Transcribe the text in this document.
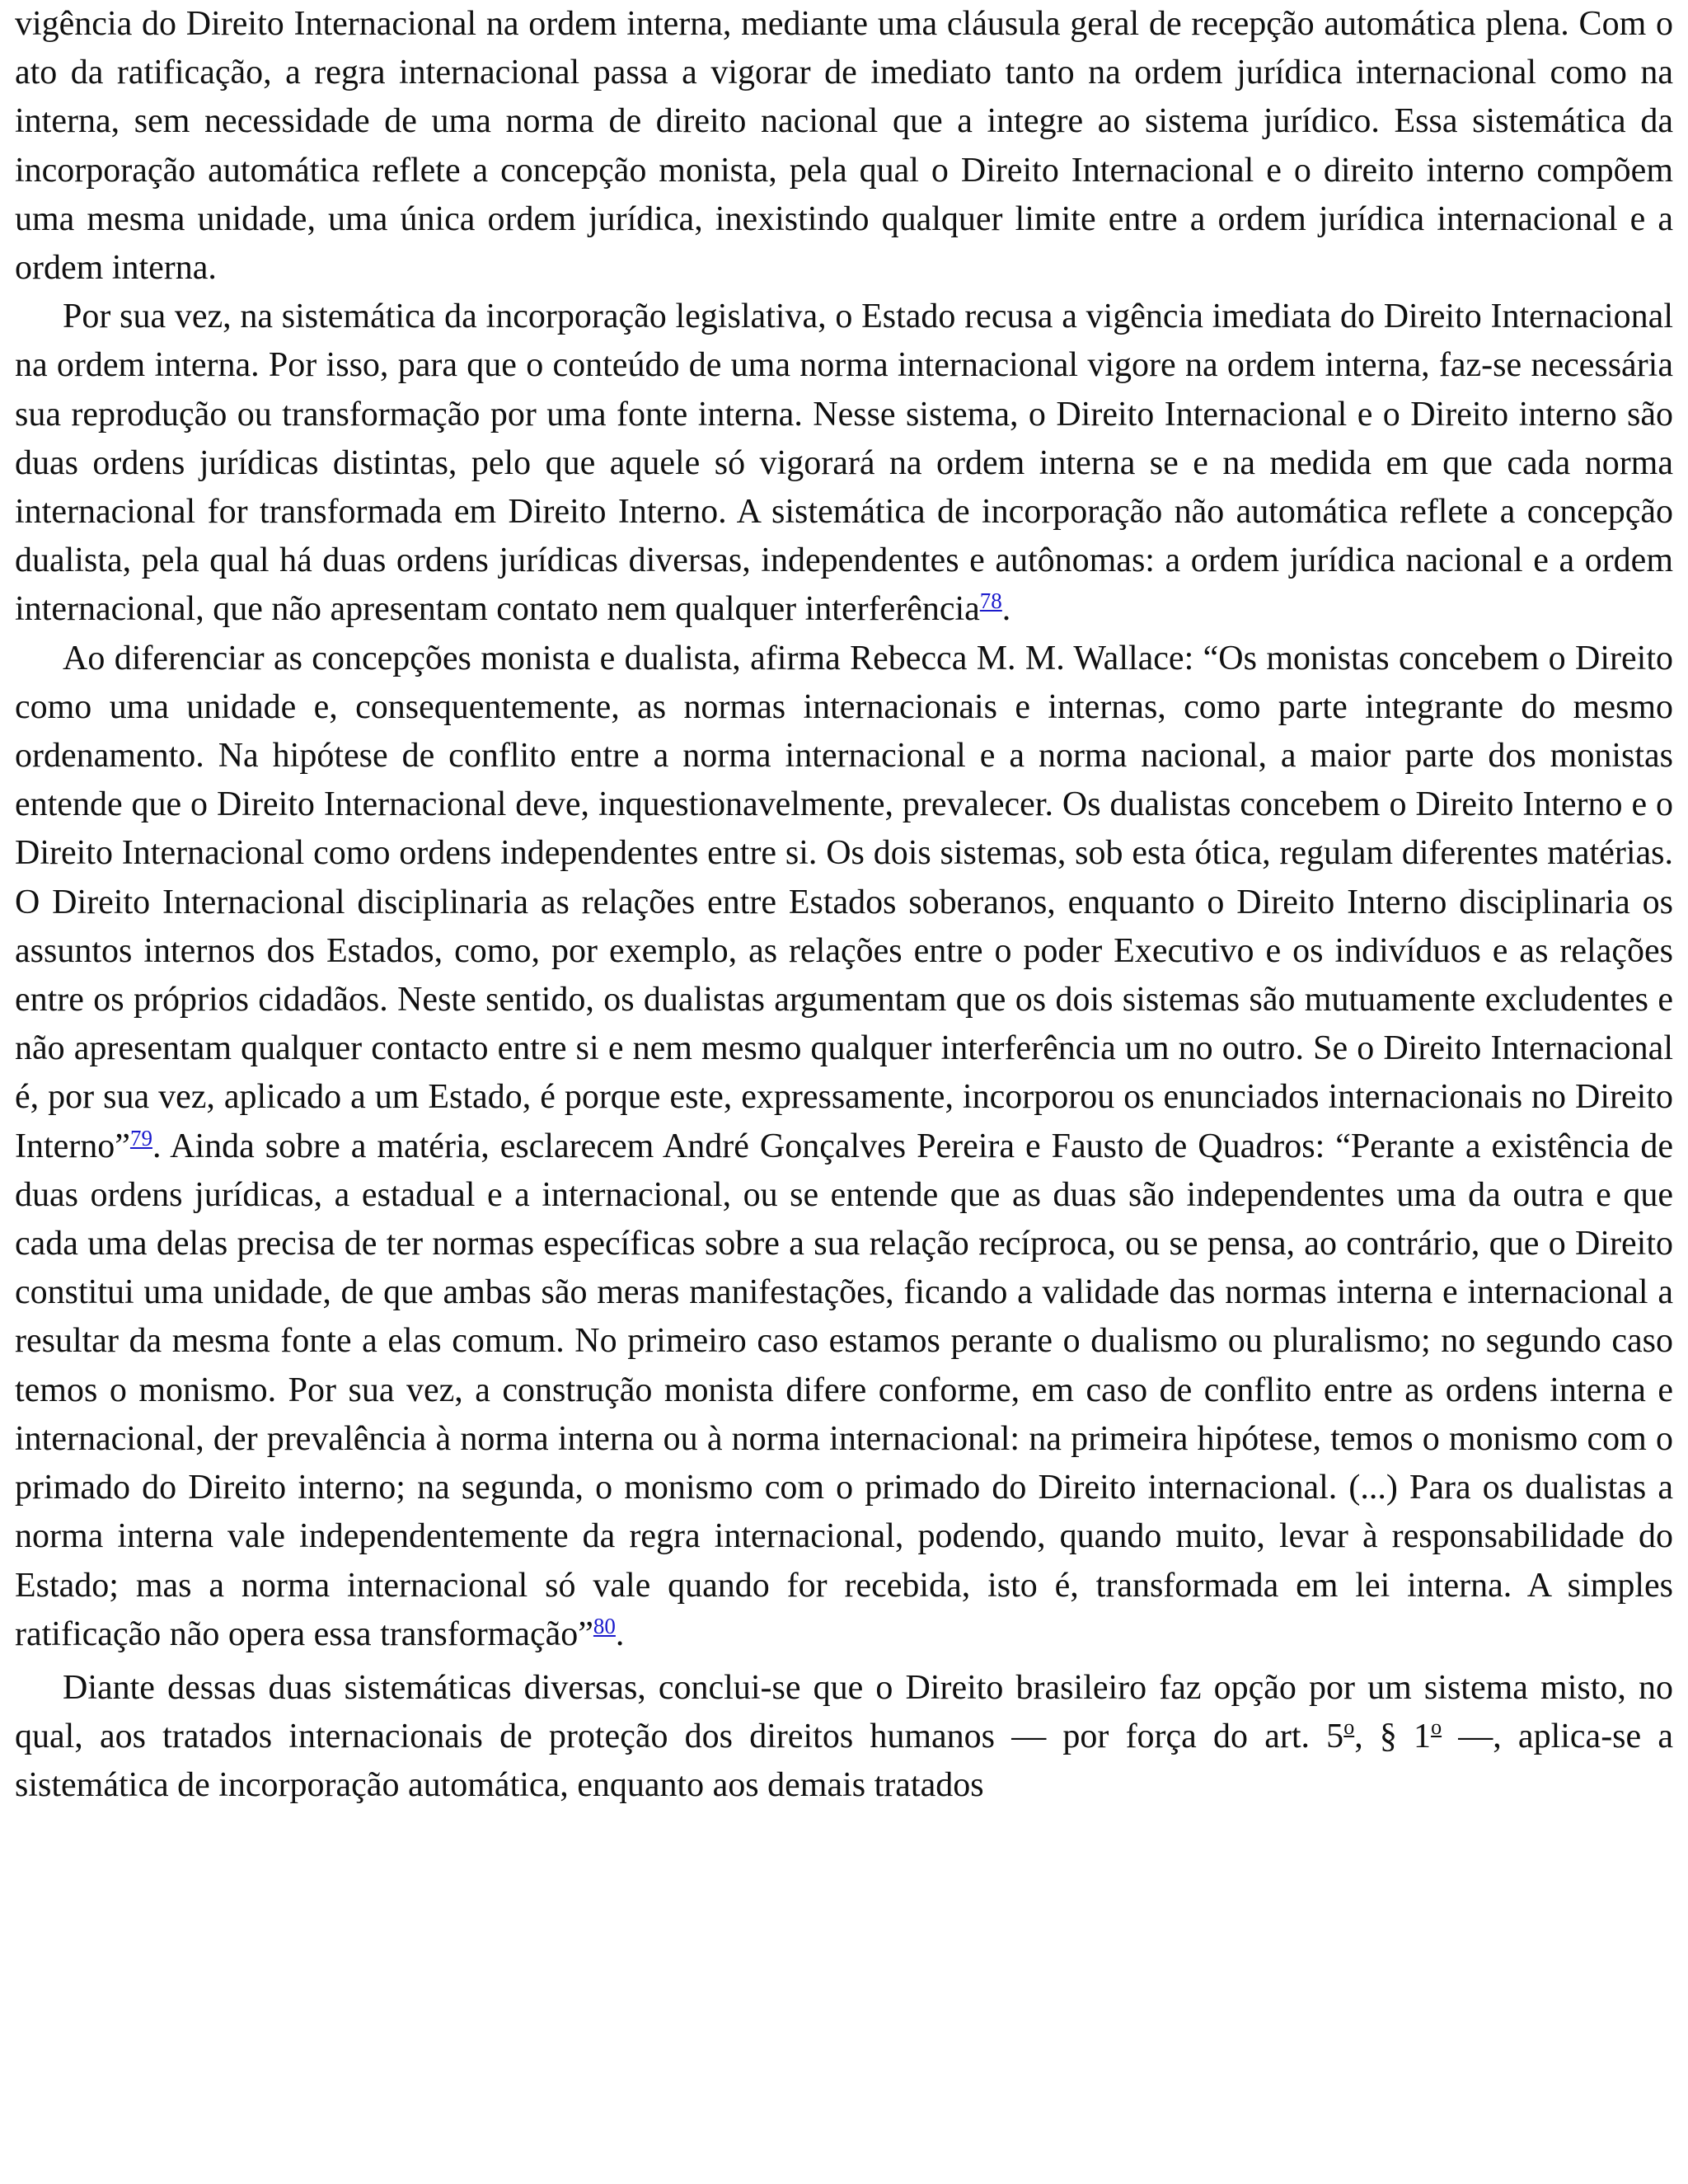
vigência do Direito Internacional na ordem interna, mediante uma cláusula geral de recepção automática plena. Com o ato da ratificação, a regra internacional passa a vigorar de imediato tanto na ordem jurídica internacional como na interna, sem necessidade de uma norma de direito nacional que a integre ao sistema jurídico. Essa sistemática da incorporação automática reflete a concepção monista, pela qual o Direito Internacional e o direito interno compõem uma mesma unidade, uma única ordem jurídica, inexistindo qualquer limite entre a ordem jurídica internacional e a ordem interna.

Por sua vez, na sistemática da incorporação legislativa, o Estado recusa a vigência imediata do Direito Internacional na ordem interna. Por isso, para que o conteúdo de uma norma internacional vigore na ordem interna, faz-se necessária sua reprodução ou transformação por uma fonte interna. Nesse sistema, o Direito Internacional e o Direito interno são duas ordens jurídicas distintas, pelo que aquele só vigorará na ordem interna se e na medida em que cada norma internacional for transformada em Direito Interno. A sistemática de incorporação não automática reflete a concepção dualista, pela qual há duas ordens jurídicas diversas, independentes e autônomas: a ordem jurídica nacional e a ordem internacional, que não apresentam contato nem qualquer interferência$^{78}$.

Ao diferenciar as concepções monista e dualista, afirma Rebecca M. M. Wallace: “Os monistas concebem o Direito como uma unidade e, consequentemente, as normas internacionais e internas, como parte integrante do mesmo ordenamento. Na hipótese de conflito entre a norma internacional e a norma nacional, a maior parte dos monistas entende que o Direito Internacional deve, inquestionavelmente, prevalecer. Os dualistas concebem o Direito Interno e o Direito Internacional como ordens independentes entre si. Os dois sistemas, sob esta ótica, regulam diferentes matérias. O Direito Internacional disciplinaria as relações entre Estados soberanos, enquanto o Direito Interno disciplinaria os assuntos internos dos Estados, como, por exemplo, as relações entre o poder Executivo e os indivíduos e as relações entre os próprios cidadãos. Neste sentido, os dualistas argumentam que os dois sistemas são mutuamente excludentes e não apresentam qualquer contacto entre si e nem mesmo qualquer interferência um no outro. Se o Direito Internacional é, por sua vez, aplicado a um Estado, é porque este, expressamente, incorporou os enunciados internacionais no Direito Interno”$^{79}$. Ainda sobre a matéria, esclarecem André Gonçalves Pereira e Fausto de Quadros: “Perante a existência de duas ordens jurídicas, a estadual e a internacional, ou se entende que as duas são independentes uma da outra e que cada uma delas precisa de ter normas específicas sobre a sua relação recíproca, ou se pensa, ao contrário, que o Direito constitui uma unidade, de que ambas são meras manifestações, ficando a validade das normas interna e internacional a resultar da mesma fonte a elas comum. No primeiro caso estamos perante o dualismo ou pluralismo; no segundo caso temos o monismo. Por sua vez, a construção monista difere conforme, em caso de conflito entre as ordens interna e internacional, der prevalência à norma interna ou à norma internacional: na primeira hipótese, temos o monismo com o primado do Direito interno; na segunda, o monismo com o primado do Direito internacional. (...) Para os dualistas a norma interna vale independentemente da regra internacional, podendo, quando muito, levar à responsabilidade do Estado; mas a norma internacional só vale quando for recebida, isto é, transformada em lei interna. A simples ratificação não opera essa transformação”$^{80}$.

Diante dessas duas sistemáticas diversas, conclui-se que o Direito brasileiro faz opção por um sistema misto, no qual, aos tratados internacionais de proteção dos direitos humanos — por força do art. 5$^o$, § 1$^o$ —, aplica-se a sistemática de incorporação automática, enquanto aos demais tratados
